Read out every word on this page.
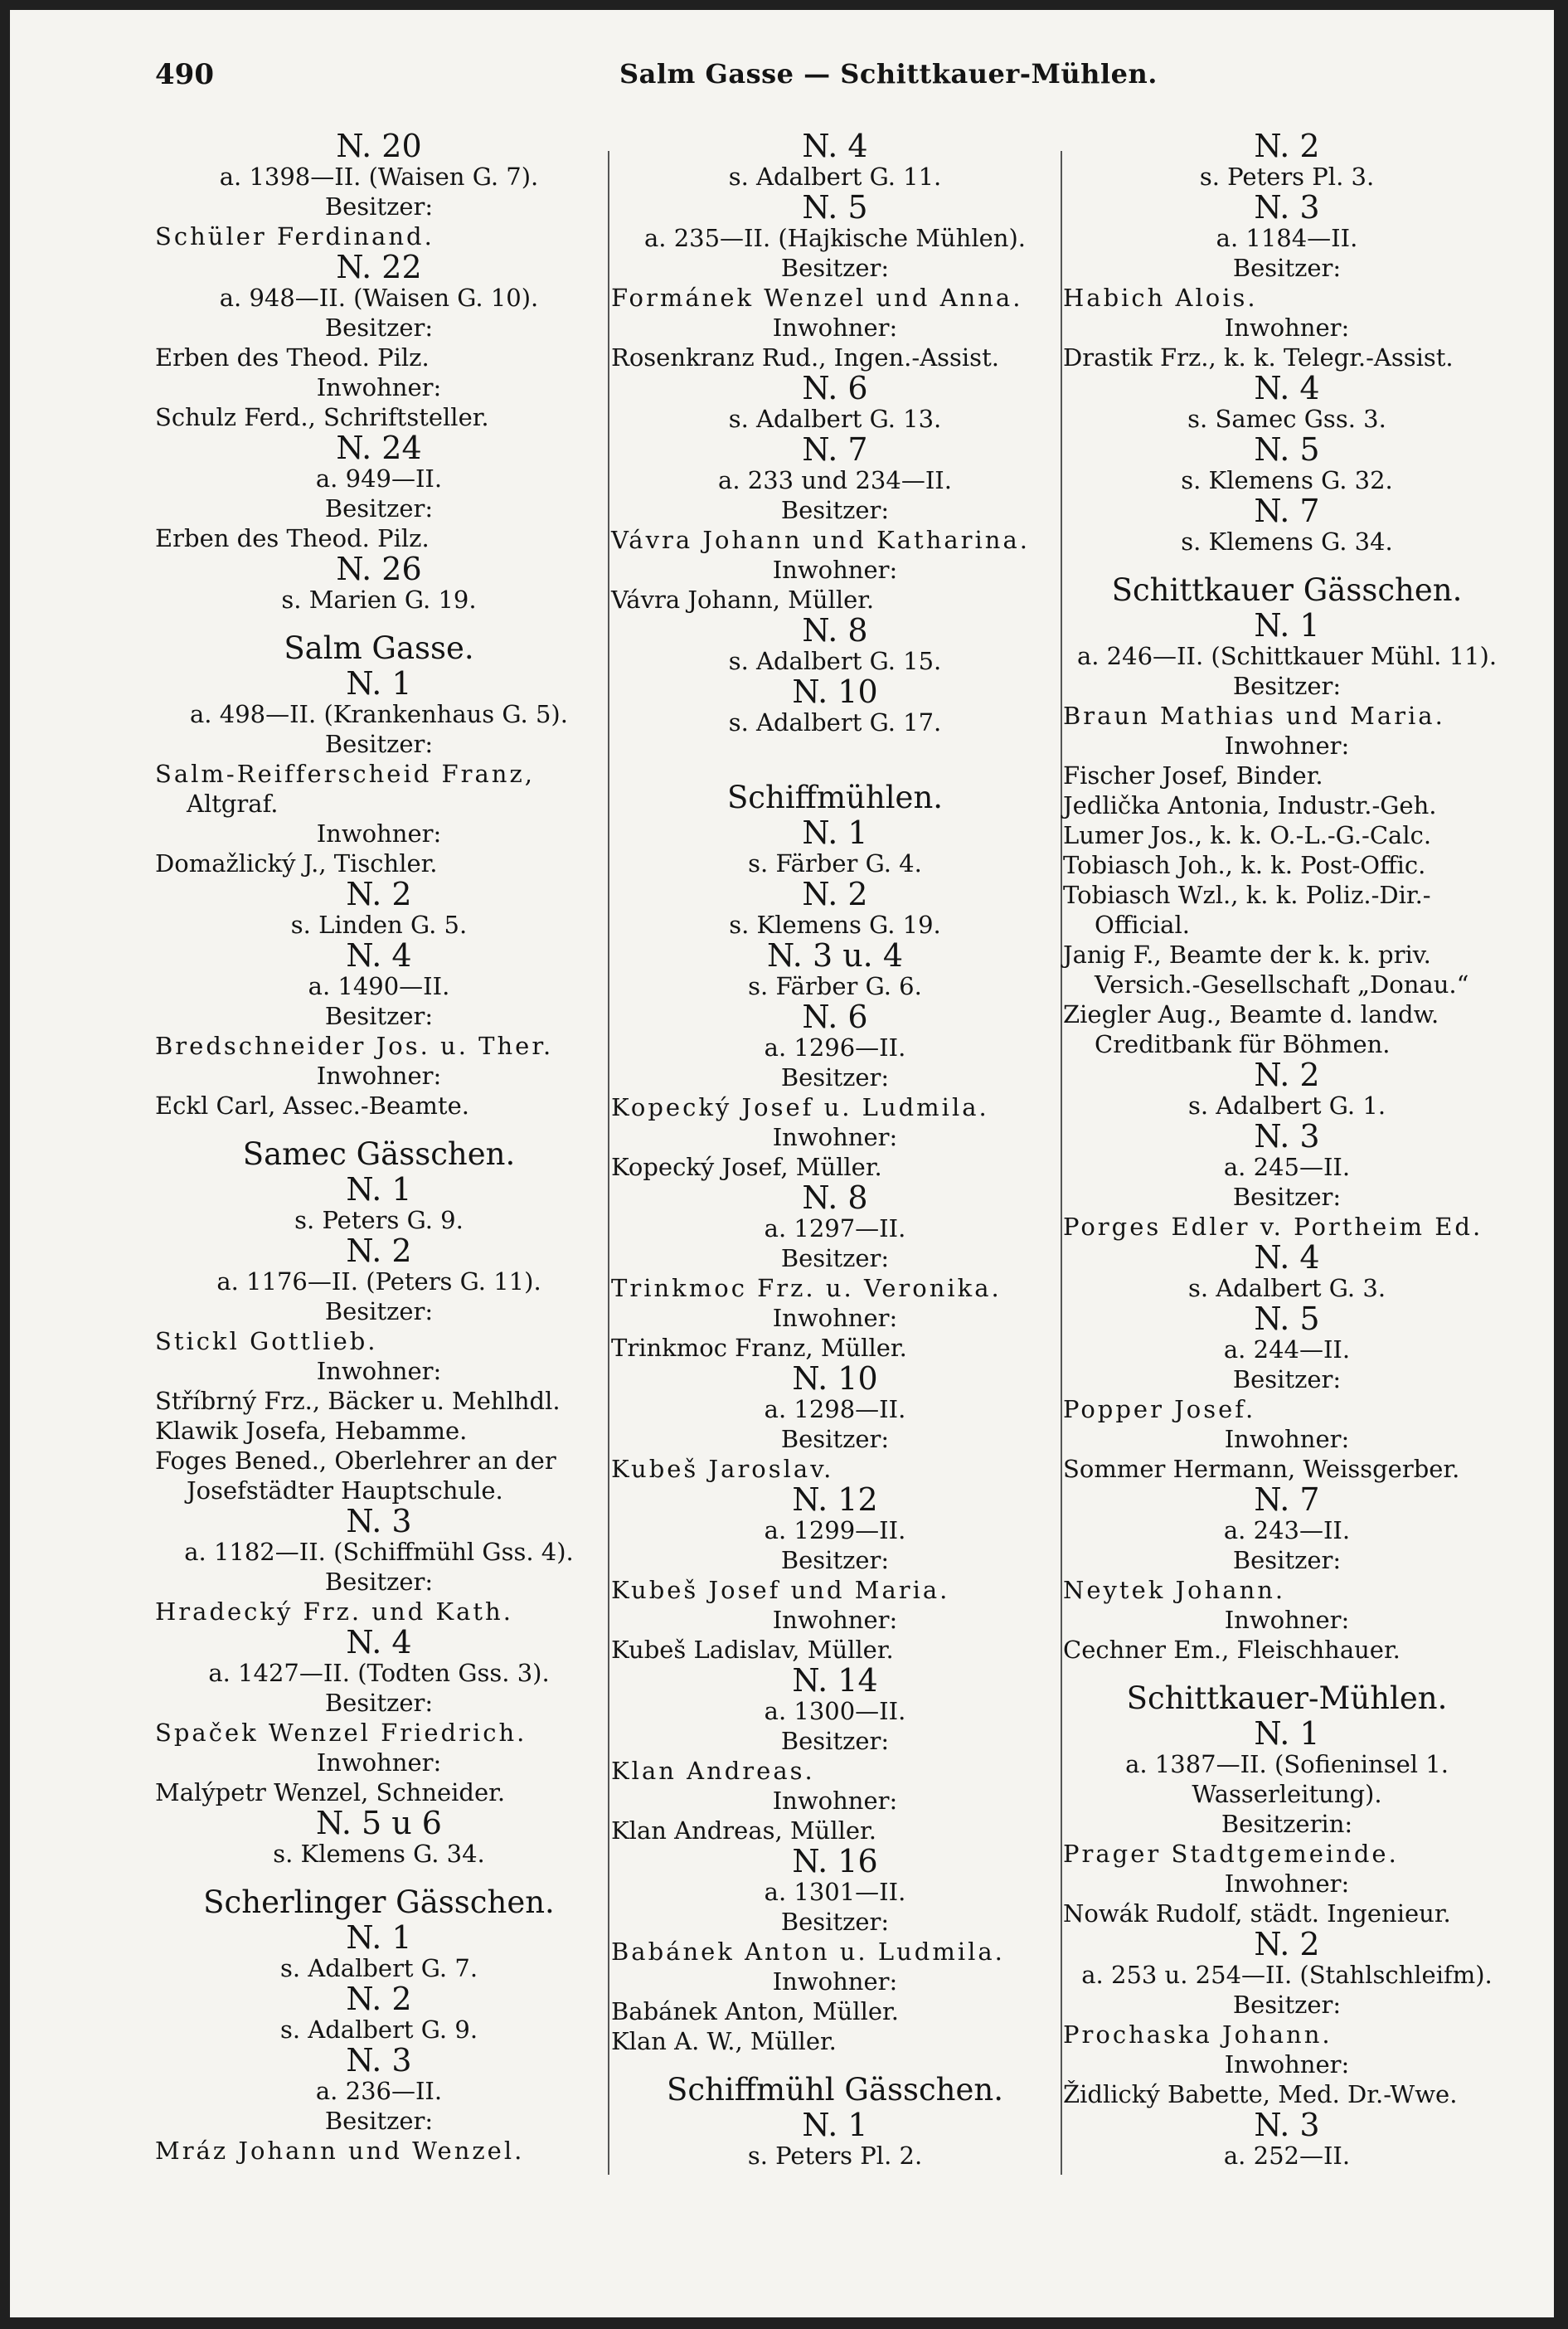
490	Salm Gasse — Schittkauer-Mühlen.
N. 20
a. 1398—II. (Waisen G. 7).
Besitzer:
Schüler Ferdinand.
N. 22
a. 948—II. (Waisen G. 10).
Besitzer:
Erben des Theod. Pilz.
Inwohner:
Schulz Ferd., Schriftsteller.
N. 24
a. 949—II.
Besitzer:
Erben des Theod. Pilz.
N. 26
s. Marien G. 19.
Salm Gasse.
N. 1
a. 498—II. (Krankenhaus G. 5).
Besitzer:
Salm-Reifferscheid Franz,
Altgraf.
Inwohner:
Domažlický J., Tischler.
N. 2
s. Linden G. 5.
N. 4
a. 1490—II.
Besitzer:
Bredschneider Jos. u. Ther.
Inwohner:
Eckl Carl, Assec.-Beamte.
Samec Gässchen.
N. 1
s. Peters G. 9.
N. 2
a. 1176—II. (Peters G. 11).
Besitzer:
Stickl Gottlieb.
Inwohner:
Stříbrný Frz., Bäcker u. Mehlhdl.
Klawik Josefa, Hebamme.
Foges Bened., Oberlehrer an der
Josefstädter Hauptschule.
N. 3
a. 1182—II. (Schiffmühl Gss. 4).
Besitzer:
Hradecký Frz. und Kath.
N. 4
a. 1427—II. (Todten Gss. 3).
Besitzer:
Spaček Wenzel Friedrich.
Inwohner:
Malýpetr Wenzel, Schneider.
N. 5 u 6
s. Klemens G. 34.
Scherlinger Gässchen.
N. 1
s. Adalbert G. 7.
N. 2
s. Adalbert G. 9.
N. 3
a. 236—II.
Besitzer:
Mráz Johann und Wenzel.
N. 4
s. Adalbert G. 11.
N. 5
a. 235—II. (Hajkische Mühlen).
Besitzer:
Formánek Wenzel und Anna.
Inwohner:
Rosenkranz Rud., Ingen.-Assist.
N. 6
s. Adalbert G. 13.
N. 7
a. 233 und 234—II.
Besitzer:
Vávra Johann und Katharina.
Inwohner:
Vávra Johann, Müller.
N. 8
s. Adalbert G. 15.
N. 10
s. Adalbert G. 17.
Schiffmühlen.
N. 1
s. Färber G. 4.
N. 2
s. Klemens G. 19.
N. 3 u. 4
s. Färber G. 6.
N. 6
a. 1296—II.
Besitzer:
Kopecký Josef u. Ludmila.
Inwohner:
Kopecký Josef, Müller.
N. 8
a. 1297—II.
Besitzer:
Trinkmoc Frz. u. Veronika.
Inwohner:
Trinkmoc Franz, Müller.
N. 10
a. 1298—II.
Besitzer:
Kubeš Jaroslav.
N. 12
a. 1299—II.
Besitzer:
Kubeš Josef und Maria.
Inwohner:
Kubeš Ladislav, Müller.
N. 14
a. 1300—II.
Besitzer:
Klan Andreas.
Inwohner:
Klan Andreas, Müller.
N. 16
a. 1301—II.
Besitzer:
Babánek Anton u. Ludmila.
Inwohner:
Babánek Anton, Müller.
Klan A. W., Müller.
Schiffmühl Gässchen.
N. 1
s. Peters Pl. 2.
N. 2
s. Peters Pl. 3.
N. 3
a. 1184—II.
Besitzer:
Habich Alois.
Inwohner:
Drastik Frz., k. k. Telegr.-Assist.
N. 4
s. Samec Gss. 3.
N. 5
s. Klemens G. 32.
N. 7
s. Klemens G. 34.
Schittkauer Gässchen.
N. 1
a. 246—II. (Schittkauer Mühl. 11).
Besitzer:
Braun Mathias und Maria.
Inwohner:
Fischer Josef, Binder.
Jedlička Antonia, Industr.-Geh.
Lumer Jos., k. k. O.-L.-G.-Calc.
Tobiasch Joh., k. k. Post-Offic.
Tobiasch Wzl., k. k. Poliz.-Dir.-
Official.
Janig F., Beamte der k. k. priv.
Versich.-Gesellschaft „Donau.“
Ziegler Aug., Beamte d. landw.
Creditbank für Böhmen.
N. 2
s. Adalbert G. 1.
N. 3
a. 245—II.
Besitzer:
Porges Edler v. Portheim Ed.
N. 4
s. Adalbert G. 3.
N. 5
a. 244—II.
Besitzer:
Popper Josef.
Inwohner:
Sommer Hermann, Weissgerber.
N. 7
a. 243—II.
Besitzer:
Neytek Johann.
Inwohner:
Cechner Em., Fleischhauer.
Schittkauer-Mühlen.
N. 1
a. 1387—II. (Sofieninsel 1.
Wasserleitung).
Besitzerin:
Prager Stadtgemeinde.
Inwohner:
Nowák Rudolf, städt. Ingenieur.
N. 2
a. 253 u. 254—II. (Stahlschleifm).
Besitzer:
Prochaska Johann.
Inwohner:
Židlický Babette, Med. Dr.-Wwe.
N. 3
a. 252—II.
